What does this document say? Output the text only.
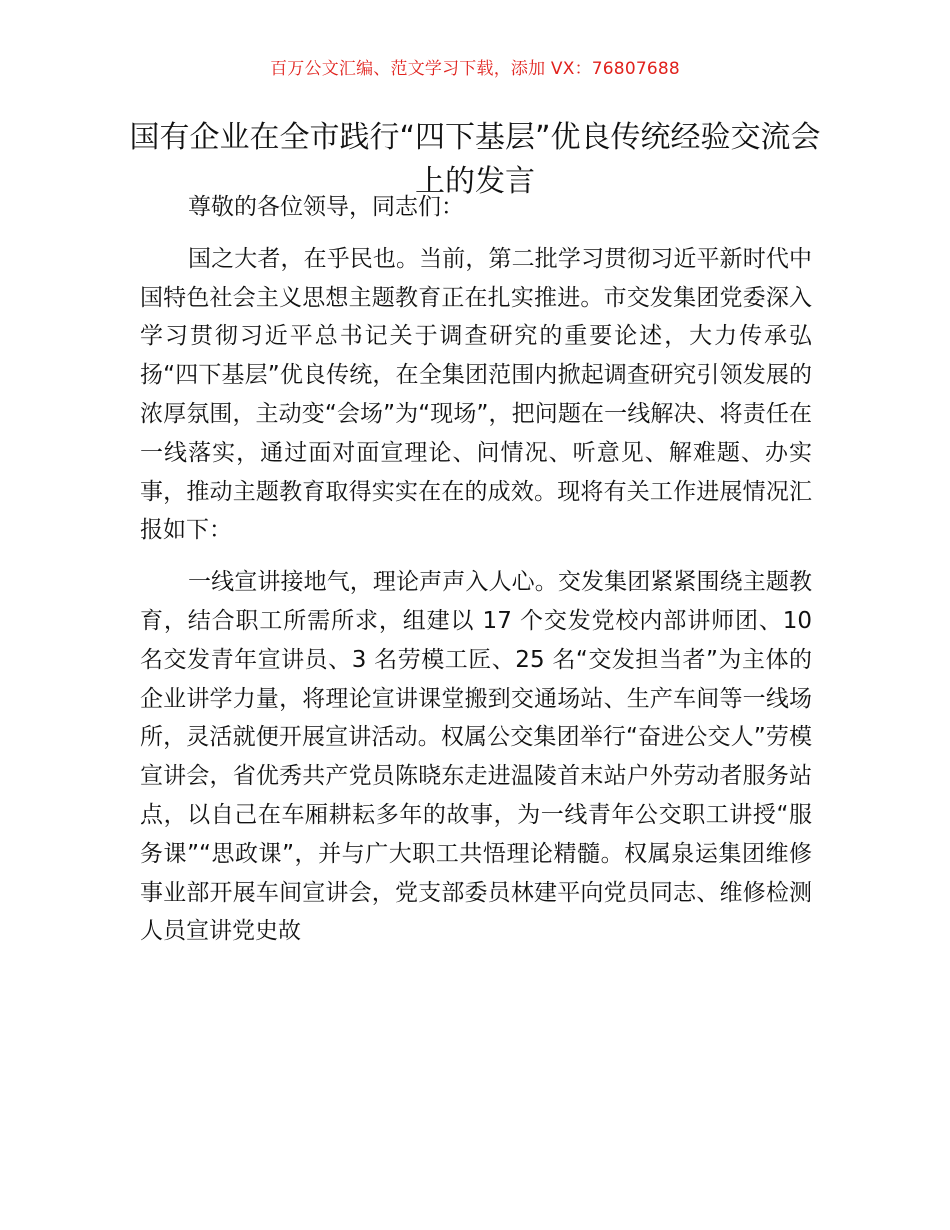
百万公文汇编、范文学习下载，添加 VX：76807688
国有企业在全市践行“四下基层”优良传统经验交流会上的发言

尊敬的各位领导，同志们：

国之大者，在乎民也。当前，第二批学习贯彻习近平新时代中国特色社会主义思想主题教育正在扎实推进。市交发集团党委深入学习贯彻习近平总书记关于调查研究的重要论述，大力传承弘扬“四下基层”优良传统，在全集团范围内掀起调查研究引领发展的浓厚氛围，主动变“会场”为“现场”，把问题在一线解决、将责任在一线落实，通过面对面宣理论、问情况、听意见、解难题、办实事，推动主题教育取得实实在在的成效。现将有关工作进展情况汇报如下：

一线宣讲接地气，理论声声入人心。交发集团紧紧围绕主题教育，结合职工所需所求，组建以 17 个交发党校内部讲师团、10 名交发青年宣讲员、3 名劳模工匠、25 名“交发担当者”为主体的企业讲学力量，将理论宣讲课堂搬到交通场站、生产车间等一线场所，灵活就便开展宣讲活动。权属公交集团举行“奋进公交人”劳模宣讲会，省优秀共产党员陈晓东走进温陵首末站户外劳动者服务站点，以自己在车厢耕耘多年的故事，为一线青年公交职工讲授“服务课”“思政课”，并与广大职工共悟理论精髓。权属泉运集团维修事业部开展车间宣讲会，党支部委员林建平向党员同志、维修检测人员宣讲党史故
